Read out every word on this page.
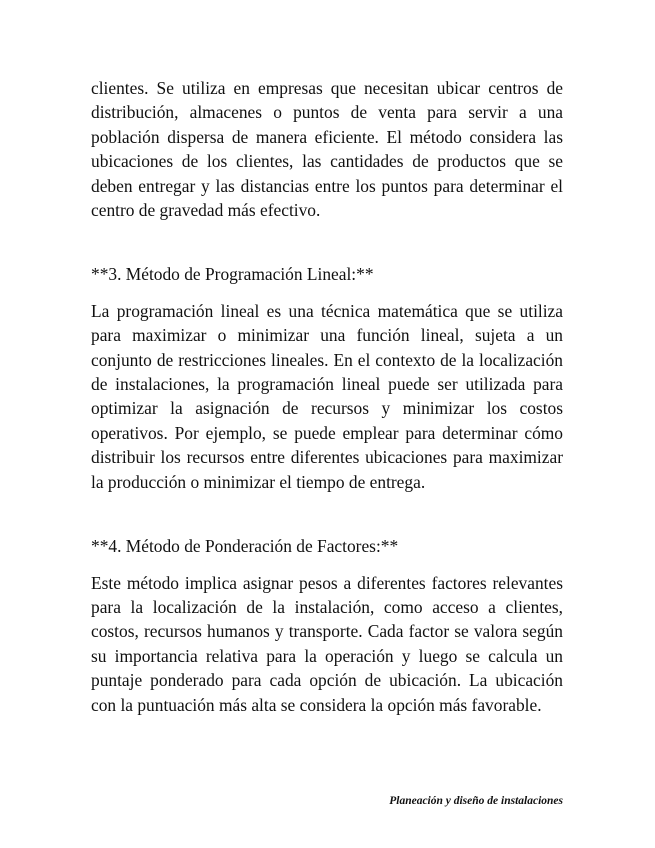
clientes. Se utiliza en empresas que necesitan ubicar centros de distribución, almacenes o puntos de venta para servir a una población dispersa de manera eficiente. El método considera las ubicaciones de los clientes, las cantidades de productos que se deben entregar y las distancias entre los puntos para determinar el centro de gravedad más efectivo.

**3. Método de Programación Lineal:**

La programación lineal es una técnica matemática que se utiliza para maximizar o minimizar una función lineal, sujeta a un conjunto de restricciones lineales. En el contexto de la localización de instalaciones, la programación lineal puede ser utilizada para optimizar la asignación de recursos y minimizar los costos operativos. Por ejemplo, se puede emplear para determinar cómo distribuir los recursos entre diferentes ubicaciones para maximizar la producción o minimizar el tiempo de entrega.

**4. Método de Ponderación de Factores:**

Este método implica asignar pesos a diferentes factores relevantes para la localización de la instalación, como acceso a clientes, costos, recursos humanos y transporte. Cada factor se valora según su importancia relativa para la operación y luego se calcula un puntaje ponderado para cada opción de ubicación. La ubicación con la puntuación más alta se considera la opción más favorable.

Planeación y diseño de instalaciones
